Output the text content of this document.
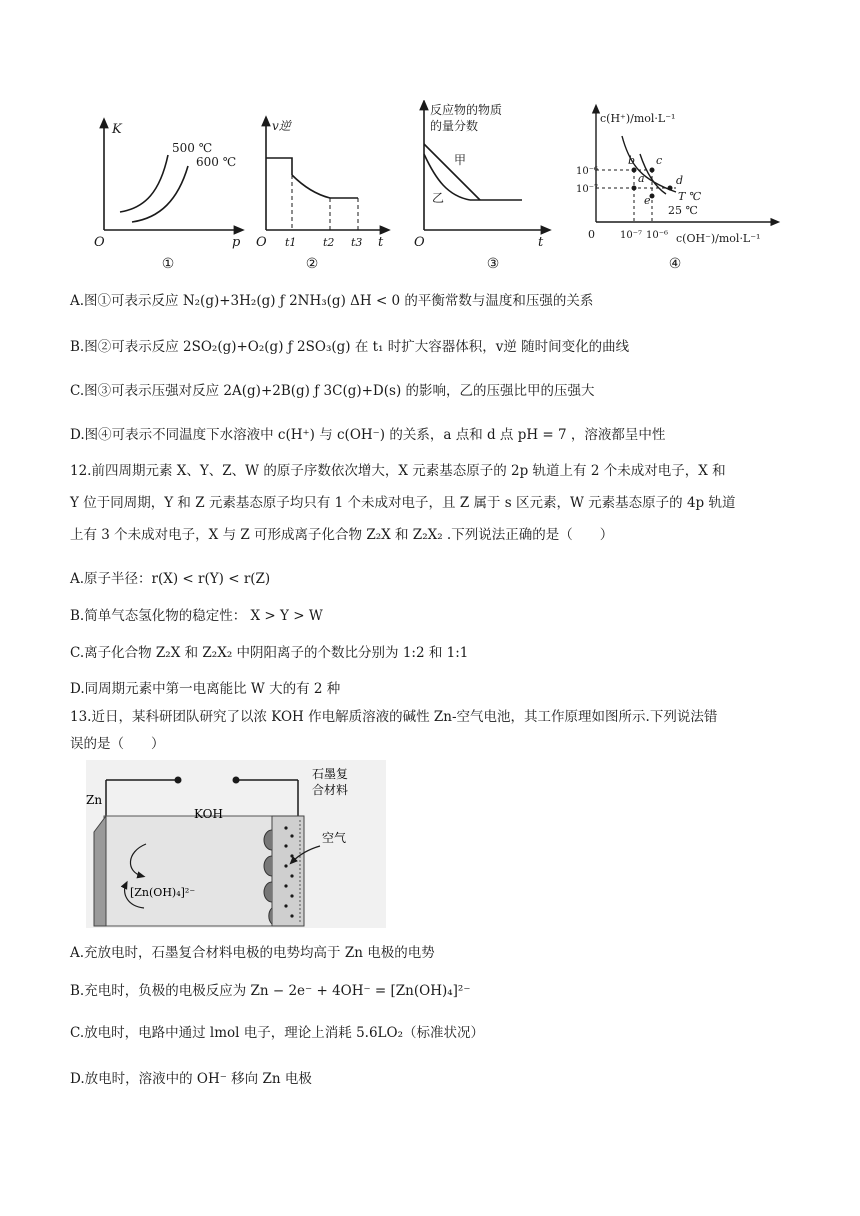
K
500 ℃
600 ℃
O	p
①
v逆
O t1 t2 t3 t
②
反应物的物质
的量分数
甲
乙
O	t
③
c(H⁺)/mol·L⁻¹
10⁻⁶
10⁻⁷
b c
a	d
e T ℃
25 ℃
0	10⁻⁷ 10⁻⁶ c(OH⁻)/mol·L⁻¹
④
A.图①可表示反应 N₂(g)+3H₂(g) ƒ 2NH₃(g) ΔH < 0 的平衡常数与温度和压强的关系
B.图②可表示反应 2SO₂(g)+O₂(g) ƒ 2SO₃(g) 在 t₁ 时扩大容器体积，v逆 随时间变化的曲线
C.图③可表示压强对反应 2A(g)+2B(g) ƒ 3C(g)+D(s) 的影响，乙的压强比甲的压强大
D.图④可表示不同温度下水溶液中 c(H⁺) 与 c(OH⁻) 的关系，a 点和 d 点 pH = 7 ，溶液都呈中性
12.前四周期元素 X、Y、Z、W 的原子序数依次增大，X 元素基态原子的 2p 轨道上有 2 个未成对电子，X 和
Y 位于同周期，Y 和 Z 元素基态原子均只有 1 个未成对电子，且 Z 属于 s 区元素，W 元素基态原子的 4p 轨道
上有 3 个未成对电子，X 与 Z 可形成离子化合物 Z₂X 和 Z₂X₂ .下列说法正确的是（　　）
A.原子半径：r(X) < r(Y) < r(Z)
B.简单气态氢化物的稳定性： X > Y > W
C.离子化合物 Z₂X 和 Z₂X₂ 中阴阳离子的个数比分别为 1:2 和 1:1
D.同周期元素中第一电离能比 W 大的有 2 种
13.近日，某科研团队研究了以浓 KOH 作电解质溶液的碱性 Zn-空气电池，其工作原理如图所示.下列说法错
误的是（　　）
Zn
KOH
石墨复
合材料
空气
[Zn(OH)₄]²⁻
A.充放电时，石墨复合材料电极的电势均高于 Zn 电极的电势
B.充电时，负极的电极反应为 Zn − 2e⁻ + 4OH⁻ = [Zn(OH)₄]²⁻
C.放电时，电路中通过 lmol 电子，理论上消耗 5.6LO₂（标准状况）
D.放电时，溶液中的 OH⁻ 移向 Zn 电极
